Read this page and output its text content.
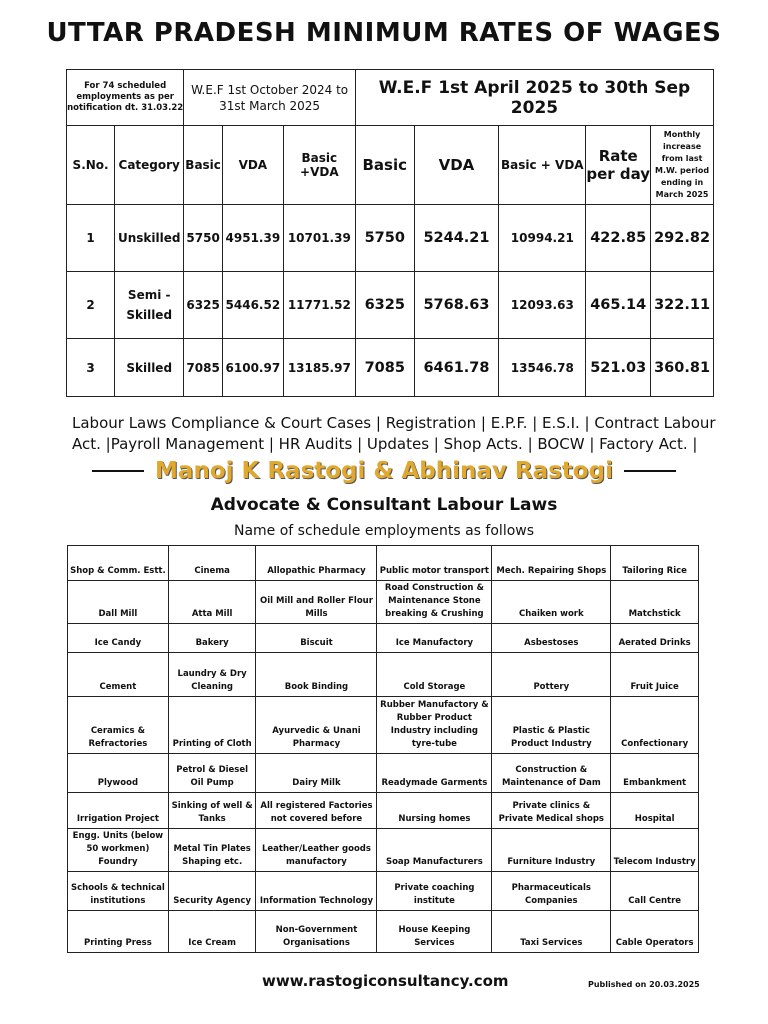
UTTAR PRADESH MINIMUM RATES OF WAGES
For 74 scheduled employments as per notification dt. 31.03.22		W.E.F 1st October 2024 to 31st March 2025			W.E.F 1st April 2025 to 30th Sep 2025				
S.No.	Category	Basic	VDA	Basic +VDA	Basic	VDA	Basic + VDA	Rate per day	Monthly increase from last M.W. period ending in March 2025
1	Unskilled	5750	4951.39	10701.39	5750	5244.21	10994.21	422.85	292.82
2	Semi - Skilled	6325	5446.52	11771.52	6325	5768.63	12093.63	465.14	322.11
3	Skilled	7085	6100.97	13185.97	7085	6461.78	13546.78	521.03	360.81
Labour Laws Compliance & Court Cases | Registration | E.P.F. | E.S.I. | Contract Labour Act. |Payroll Management | HR Audits | Updates | Shop Acts. | BOCW | Factory Act. |
Manoj K Rastogi & Abhinav Rastogi
Advocate & Consultant Labour Laws
Name of schedule employments as follows
Shop & Comm. Estt.	Cinema	Allopathic Pharmacy	Public motor transport	Mech. Repairing Shops	Tailoring Rice
Dall Mill	Atta Mill	Oil Mill and Roller Flour Mills	Road Construction & Maintenance Stone breaking & Crushing	Chaiken work	Matchstick
Ice Candy	Bakery	Biscuit	Ice Manufactory	Asbestoses	Aerated Drinks
Cement	Laundry & Dry Cleaning	Book Binding	Cold Storage	Pottery	Fruit Juice
Ceramics & Refractories	Printing of Cloth	Ayurvedic & Unani Pharmacy	Rubber Manufactory & Rubber Product Industry including tyre-tube	Plastic & Plastic Product Industry	Confectionary
Plywood	Petrol & Diesel Oil Pump	Dairy Milk	Readymade Garments	Construction & Maintenance of Dam	Embankment
Irrigation Project	Sinking of well & Tanks	All registered Factories not covered before	Nursing homes	Private clinics & Private Medical shops	Hospital
Engg. Units (below 50 workmen) Foundry	Metal Tin Plates Shaping etc.	Leather/Leather goods manufactory	Soap Manufacturers	Furniture Industry	Telecom Industry
Schools & technical institutions	Security Agency	Information Technology	Private coaching institute	Pharmaceuticals Companies	Call Centre
Printing Press	Ice Cream	Non-Government Organisations	House Keeping Services	Taxi Services	Cable Operators
www.rastogiconsultancy.com	Published on 20.03.2025
